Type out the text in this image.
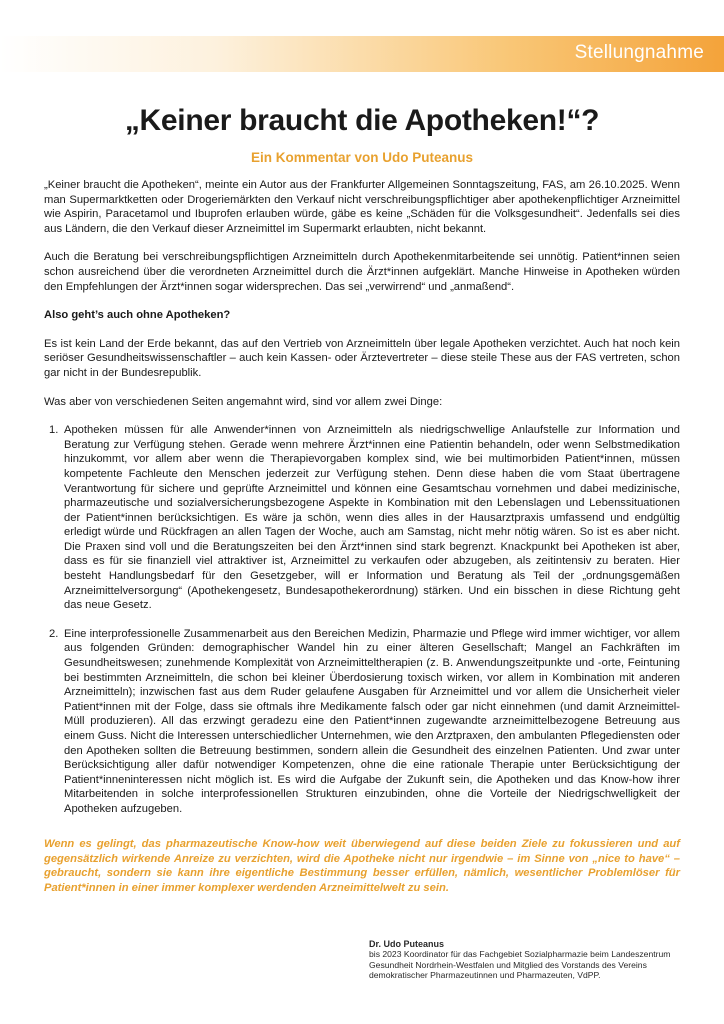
Stellungnahme
„Keiner braucht die Apotheken!“?
Ein Kommentar von Udo Puteanus

„Keiner braucht die Apotheken“, meinte ein Autor aus der Frankfurter Allgemeinen Sonntagszeitung, FAS, am 26.10.2025. Wenn man Supermarktketten oder Drogeriemärkten den Verkauf nicht verschreibungspflichtiger aber apothekenpflichtiger Arzneimittel wie Aspirin, Paracetamol und Ibuprofen erlauben würde, gäbe es keine „Schäden für die Volksgesundheit“. Jedenfalls sei dies aus Ländern, die den Verkauf dieser Arzneimittel im Supermarkt erlaubten, nicht bekannt.

Auch die Beratung bei verschreibungspflichtigen Arzneimitteln durch Apothekenmitarbeitende sei unnötig. Patient*innen seien schon ausreichend über die verordneten Arzneimittel durch die Ärzt*innen aufgeklärt. Manche Hinweise in Apotheken würden den Empfehlungen der Ärzt*innen sogar widersprechen. Das sei „verwirrend“ und „anmaßend“.

Also geht’s auch ohne Apotheken?

Es ist kein Land der Erde bekannt, das auf den Vertrieb von Arzneimitteln über legale Apotheken verzichtet. Auch hat noch kein seriöser Gesundheitswissenschaftler – auch kein Kassen- oder Ärztevertreter – diese steile These aus der FAS vertreten, schon gar nicht in der Bundesrepublik.

Was aber von verschiedenen Seiten angemahnt wird, sind vor allem zwei Dinge:

1. Apotheken müssen für alle Anwender*innen von Arzneimitteln als niedrigschwellige Anlaufstelle zur Information und Beratung zur Verfügung stehen. Gerade wenn mehrere Ärzt*innen eine Patientin behandeln, oder wenn Selbstmedikation hinzukommt, vor allem aber wenn die Therapievorgaben komplex sind, wie bei multimorbiden Patient*innen, müssen kompetente Fachleute den Menschen jederzeit zur Verfügung stehen. Denn diese haben die vom Staat übertragene Verantwortung für sichere und geprüfte Arzneimittel und können eine Gesamtschau vornehmen und dabei medizinische, pharmazeutische und sozialversicherungsbezogene Aspekte in Kombination mit den Lebenslagen und Lebenssituationen der Patient*innen berücksichtigen. Es wäre ja schön, wenn dies alles in der Hausarztpraxis umfassend und endgültig erledigt würde und Rückfragen an allen Tagen der Woche, auch am Samstag, nicht mehr nötig wären. So ist es aber nicht. Die Praxen sind voll und die Beratungszeiten bei den Ärzt*innen sind stark begrenzt. Knackpunkt bei Apotheken ist aber, dass es für sie finanziell viel attraktiver ist, Arzneimittel zu verkaufen oder abzugeben, als zeitintensiv zu beraten. Hier besteht Handlungsbedarf für den Gesetzgeber, will er Information und Beratung als Teil der „ordnungsgemäßen Arzneimittelversorgung“ (Apothekengesetz, Bundesapothekerordnung) stärken. Und ein bisschen in diese Richtung geht das neue Gesetz.
2. Eine interprofessionelle Zusammenarbeit aus den Bereichen Medizin, Pharmazie und Pflege wird immer wichtiger, vor allem aus folgenden Gründen: demographischer Wandel hin zu einer älteren Gesellschaft; Mangel an Fachkräften im Gesundheitswesen; zunehmende Komplexität von Arzneimitteltherapien (z. B. Anwendungszeitpunkte und -orte, Feintuning bei bestimmten Arzneimitteln, die schon bei kleiner Überdosierung toxisch wirken, vor allem in Kombination mit anderen Arzneimitteln); inzwischen fast aus dem Ruder gelaufene Ausgaben für Arzneimittel und vor allem die Unsicherheit vieler Patient*innen mit der Folge, dass sie oftmals ihre Medikamente falsch oder gar nicht einnehmen (und damit Arzneimittel-Müll produzieren). All das erzwingt geradezu eine den Patient*innen zugewandte arzneimittelbezogene Betreuung aus einem Guss. Nicht die Interessen unterschiedlicher Unternehmen, wie den Arztpraxen, den ambulanten Pflegediensten oder den Apotheken sollten die Betreuung bestimmen, sondern allein die Gesundheit des einzelnen Patienten. Und zwar unter Berücksichtigung aller dafür notwendiger Kompetenzen, ohne die eine rationale Therapie unter Berücksichtigung der Patient*inneninteressen nicht möglich ist. Es wird die Aufgabe der Zukunft sein, die Apotheken und das Know-how ihrer Mitarbeitenden in solche interprofessionellen Strukturen einzubinden, ohne die Vorteile der Niedrigschwelligkeit der Apotheken aufzugeben.
Wenn es gelingt, das pharmazeutische Know-how weit überwiegend auf diese beiden Ziele zu fokussieren und auf gegensätzlich wirkende Anreize zu verzichten, wird die Apotheke nicht nur irgendwie – im Sinne von „nice to have“ – gebraucht, sondern sie kann ihre eigentliche Bestimmung besser erfüllen, nämlich, wesentlicher Problemlöser für Patient*innen in einer immer komplexer werdenden Arzneimittelwelt zu sein.
Dr. Udo Puteanus
bis 2023 Koordinator für das Fachgebiet Sozialpharmazie beim Landeszentrum Gesundheit Nordrhein-Westfalen und Mitglied des Vorstands des Vereins demokratischer Pharmazeutinnen und Pharmazeuten, VdPP.
